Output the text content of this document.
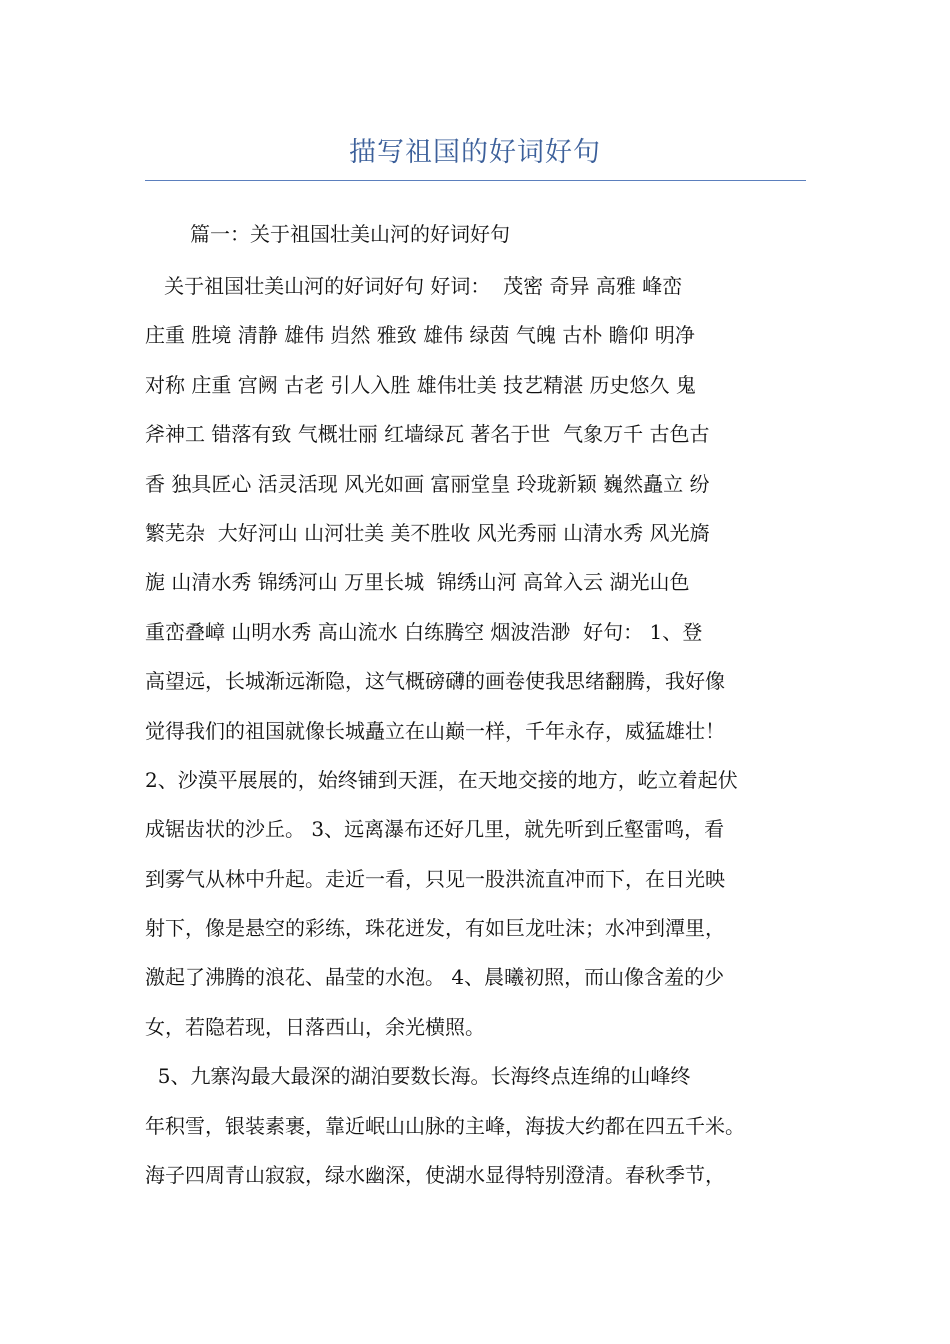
描写祖国的好词好句
篇一：关于祖国壮美山河的好词好句
关于祖国壮美山河的好词好句 好词：  茂密 奇异 高雅 峰峦
庄重 胜境 清静 雄伟 岿然 雅致 雄伟 绿茵 气魄 古朴 瞻仰 明净
对称 庄重 宫阙 古老 引人入胜 雄伟壮美 技艺精湛 历史悠久 鬼
斧神工 错落有致 气概壮丽 红墙绿瓦 著名于世  气象万千 古色古
香 独具匠心 活灵活现 风光如画 富丽堂皇 玲珑新颖 巍然矗立 纷
繁芜杂  大好河山 山河壮美 美不胜收 风光秀丽 山清水秀 风光旖
旎 山清水秀 锦绣河山 万里长城  锦绣山河 高耸入云 湖光山色
重峦叠嶂 山明水秀 高山流水 白练腾空 烟波浩渺  好句： 1、登
高望远，长城渐远渐隐，这气概磅礴的画卷使我思绪翻腾，我好像
觉得我们的祖国就像长城矗立在山巅一样，千年永存，威猛雄壮！
2、沙漠平展展的，始终铺到天涯，在天地交接的地方，屹立着起伏
成锯齿状的沙丘。 3、远离瀑布还好几里，就先听到丘壑雷鸣，看
到雾气从林中升起。走近一看，只见一股洪流直冲而下，在日光映
射下，像是悬空的彩练，珠花迸发，有如巨龙吐沫；水冲到潭里，
激起了沸腾的浪花、晶莹的水泡。 4、晨曦初照，而山像含羞的少
女，若隐若现，日落西山，余光横照。
5、九寨沟最大最深的湖泊要数长海。长海终点连绵的山峰终
年积雪，银装素裹，靠近岷山山脉的主峰，海拔大约都在四五千米。
海子四周青山寂寂，绿水幽深，使湖水显得特别澄清。春秋季节，
